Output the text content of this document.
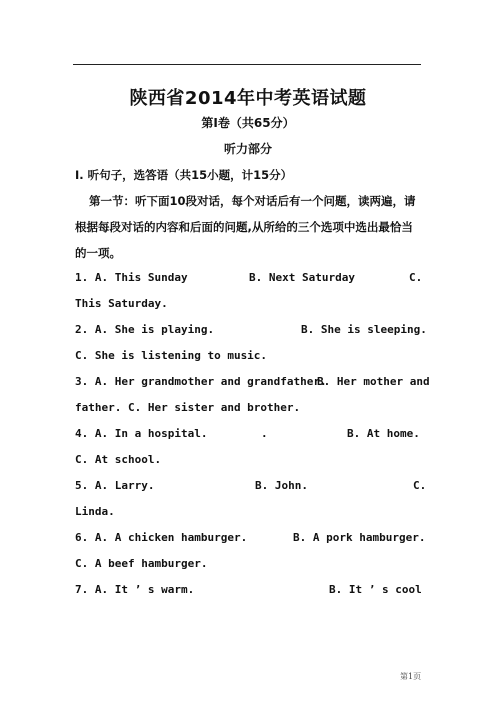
陕西省2014年中考英语试题
第Ⅰ卷（共65分）
听力部分
Ⅰ. 听句子，选答语（共15小题，计15分）
第一节：听下面10段对话，每个对话后有一个问题，读两遍，请
根据每段对话的内容和后面的问题,从所给的三个选项中选出最恰当
的一项。
1. A. This Sunday	B. Next Saturday	C.
This Saturday.
2. A. She is playing.	B. She is sleeping.
C. She is listening to music.
3. A. Her grandmother and grandfather.
B. Her mother and
father. C. Her sister and brother.
4. A. In a hospital.	.	B. At home.
C. At school.
5. A. Larry.	B. John.	C.
Linda.
6. A. A chicken hamburger.	B. A pork hamburger.
C. A beef hamburger.
7. A. It ’ s warm.	B. It ’ s cool
第1页
